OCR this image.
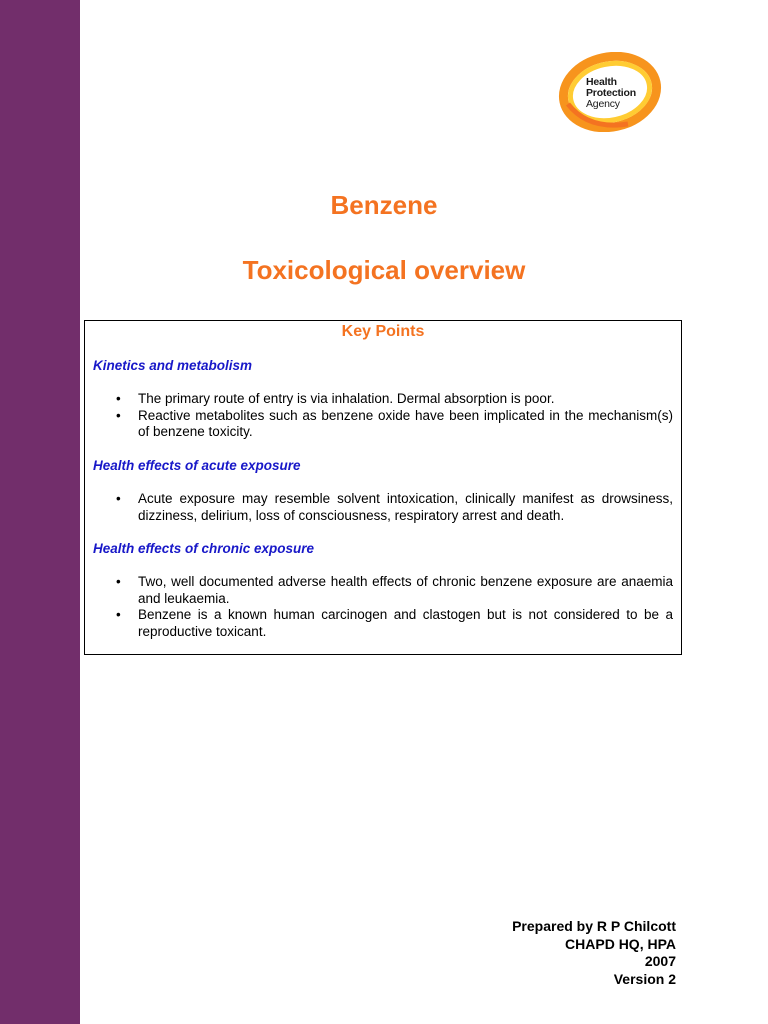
Health
Protection
Agency
Benzene
Toxicological overview
Key Points
Kinetics and metabolism
• The primary route of entry is via inhalation. Dermal absorption is poor.
• Reactive metabolites such as benzene oxide have been implicated in the mechanism(s) of benzene toxicity.
Health effects of acute exposure
• Acute exposure may resemble solvent intoxication, clinically manifest as drowsiness, dizziness, delirium, loss of consciousness, respiratory arrest and death.
Health effects of chronic exposure
• Two, well documented adverse health effects of chronic benzene exposure are anaemia and leukaemia.
• Benzene is a known human carcinogen and clastogen but is not considered to be a reproductive toxicant.
Prepared by R P Chilcott
CHAPD HQ, HPA
2007
Version 2
